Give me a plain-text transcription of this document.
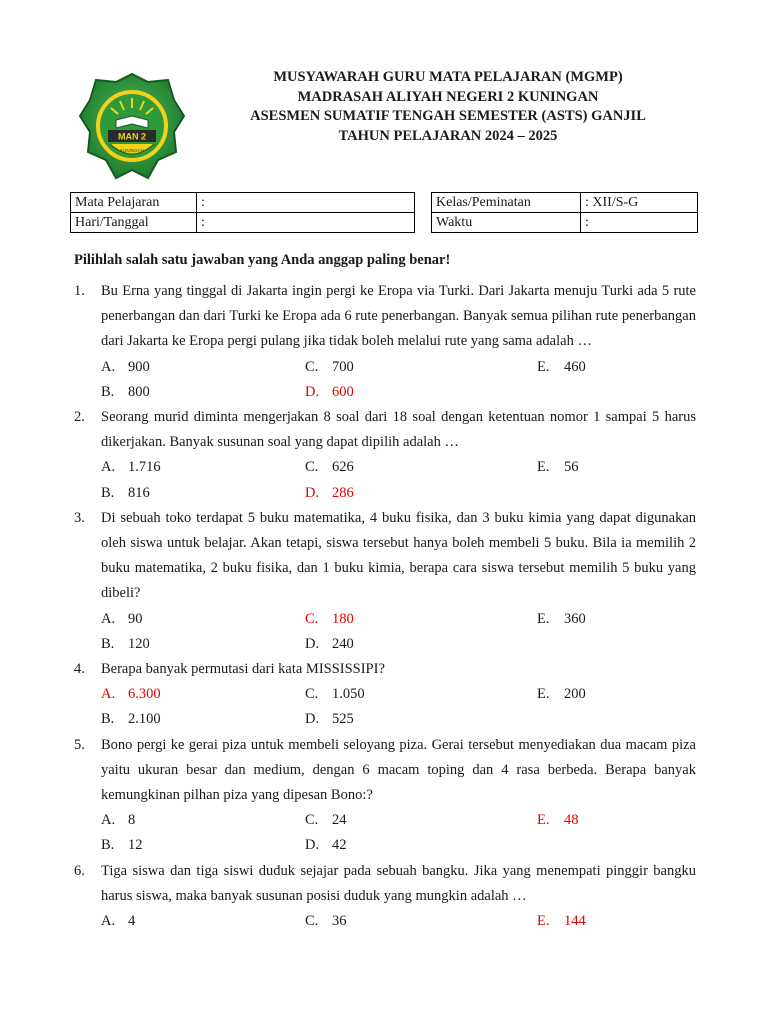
MAN 2
KUNINGAN
MUSYAWARAH GURU MATA PELAJARAN (MGMP)
MADRASAH ALIYAH NEGERI 2 KUNINGAN
ASESMEN SUMATIF TENGAH SEMESTER (ASTS) GANJIL
TAHUN PELAJARAN 2024 – 2025
Mata Pelajaran	:
Hari/Tanggal	:
Kelas/Peminatan	: XII/S-G
Waktu	:
Pilihlah salah satu jawaban yang Anda anggap paling benar!
1.	Bu Erna yang tinggal di Jakarta ingin pergi ke Eropa via Turki. Dari Jakarta menuju Turki ada 5 rute penerbangan dan dari Turki ke Eropa ada 6 rute penerbangan. Banyak semua pilihan rute penerbangan dari Jakarta ke Eropa pergi pulang jika tidak boleh melalui rute yang sama adalah …
A. 900	C. 700	E. 460
B. 800	D. 600
2.	Seorang murid diminta mengerjakan 8 soal dari 18 soal dengan ketentuan nomor 1 sampai 5 harus dikerjakan. Banyak susunan soal yang dapat dipilih adalah …
A. 1.716	C. 626	E. 56
B. 816	D. 286
3.	Di sebuah toko terdapat 5 buku matematika, 4 buku fisika, dan 3 buku kimia yang dapat digunakan oleh siswa untuk belajar. Akan tetapi, siswa tersebut hanya boleh membeli 5 buku. Bila ia memilih 2 buku matematika, 2 buku fisika, dan 1 buku kimia, berapa cara siswa tersebut memilih 5 buku yang dibeli?
A. 90	C. 180	E. 360
B. 120	D. 240
4.	Berapa banyak permutasi dari kata MISSISSIPI?
A. 6.300	C. 1.050	E. 200
B. 2.100	D. 525
5.	Bono pergi ke gerai piza untuk membeli seloyang piza. Gerai tersebut menyediakan dua macam piza yaitu ukuran besar dan medium, dengan 6 macam toping dan 4 rasa berbeda. Berapa banyak kemungkinan pilhan piza yang dipesan Bono:?
A. 8	C. 24	E. 48
B. 12	D. 42
6.	Tiga siswa dan tiga siswi duduk sejajar pada sebuah bangku. Jika yang menempati pinggir bangku harus siswa, maka banyak susunan posisi duduk yang mungkin adalah …
A. 4	C. 36	E. 144
